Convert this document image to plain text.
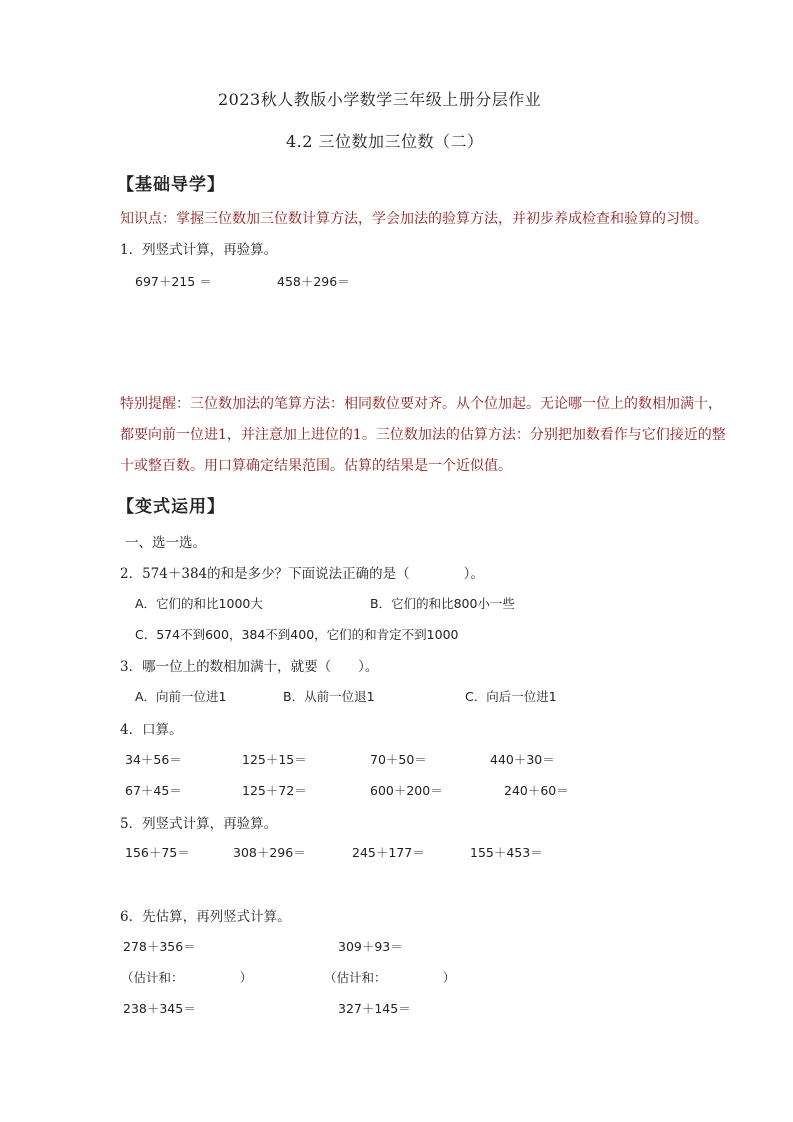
2023秋人教版小学数学三年级上册分层作业
4.2 三位数加三位数（二）
【基础导学】
知识点：掌握三位数加三位数计算方法，学会加法的验算方法，并初步养成检查和验算的习惯。
1．列竖式计算，再验算。
697＋215 ＝	458＋296＝
特别提醒：三位数加法的笔算方法：相同数位要对齐。从个位加起。无论哪一位上的数相加满十，
都要向前一位进1，并注意加上进位的1。三位数加法的估算方法：分别把加数看作与它们接近的整
十或整百数。用口算确定结果范围。估算的结果是一个近似值。
【变式运用】
一、选一选。
2．574＋384的和是多少？下面说法正确的是（　　　　）。
A．它们的和比1000大	B．它们的和比800小一些
C．574不到600，384不到400，它们的和肯定不到1000
3．哪一位上的数相加满十，就要（　　）。
A．向前一位进1	B．从前一位退1	C．向后一位进1
4．口算。
34＋56＝	125＋15＝	70＋50＝	440＋30＝
67＋45＝	125＋72＝	600＋200＝	240＋60＝
5．列竖式计算，再验算。
156＋75＝	308＋296＝	245＋177＝	155＋453＝
6．先估算，再列竖式计算。
278＋356＝	309＋93＝
（估计和：　　　　　）	（估计和：　　　　　）
238＋345＝	327＋145＝
